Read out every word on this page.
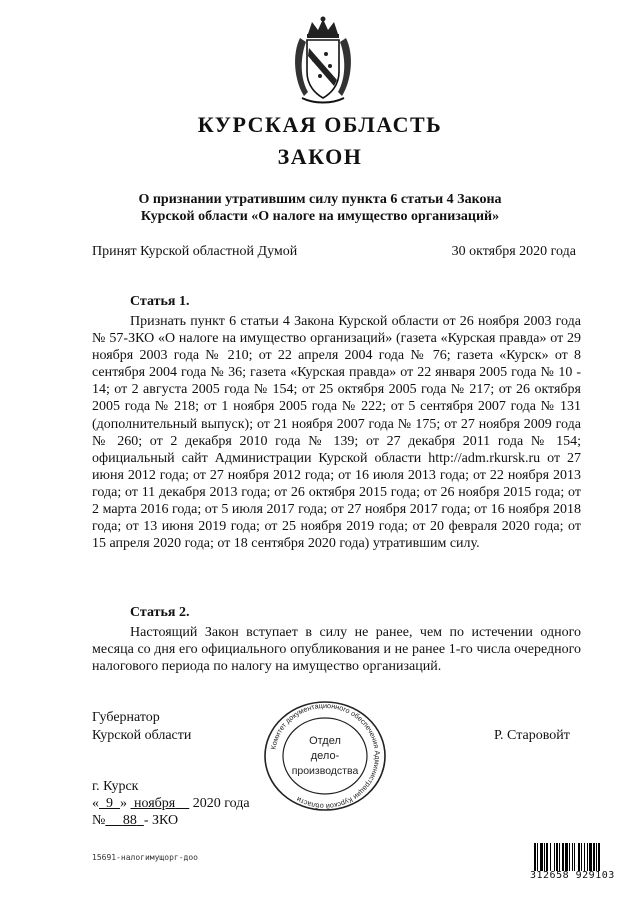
КУРСКАЯ ОБЛАСТЬ
ЗАКОН
О признании утратившим силу пункта 6 статьи 4 Закона
Курской области «О налоге на имущество организаций»
Принят Курской областной Думой	30 октября 2020 года
Статья 1.

Признать пункт 6 статьи 4 Закона Курской области от 26 ноября 2003 года № 57-ЗКО «О налоге на имущество организаций» (газета «Курская правда» от 29 ноября 2003 года № 210; от 22 апреля 2004 года № 76; газета «Курск» от 8 сентября 2004 года № 36; газета «Курская правда» от 22 января 2005 года № 10 - 14; от 2 августа 2005 года № 154; от 25 октября 2005 года № 217; от 26 октября 2005 года № 218; от 1 ноября 2005 года № 222; от 5 сентября 2007 года № 131 (дополнительный выпуск); от 21 ноября 2007 года № 175; от 27 ноября 2009 года № 260; от 2 декабря 2010 года № 139; от 27 декабря 2011 года № 154; официальный сайт Администрации Курской области http://adm.rkursk.ru от 27 июня 2012 года; от 27 ноября 2012 года; от 16 июля 2013 года; от 22 ноября 2013 года; от 11 декабря 2013 года; от 26 октября 2015 года; от 26 ноября 2015 года; от 2 марта 2016 года; от 5 июля 2017 года; от 27 ноября 2017 года; от 16 ноября 2018 года; от 13 июня 2019 года; от 25 ноября 2019 года; от 20 февраля 2020 года; от 15 апреля 2020 года; от 18 сентября 2020 года) утратившим силу.

Статья 2.

Настоящий Закон вступает в силу не ранее, чем по истечении одного месяца со дня его официального опубликования и не ранее 1-го числа очередного налогового периода по налогу на имущество организаций.

Губернатор
Курской области	Р. Старовойт
Комитет документационного обеспечения Администрации Курской области
Отдел
дело-
производства
г. Курск
« 9 » ноября 2020 года
№ 88 - ЗКО
15691-налогимущорг-доо
312658 929103
